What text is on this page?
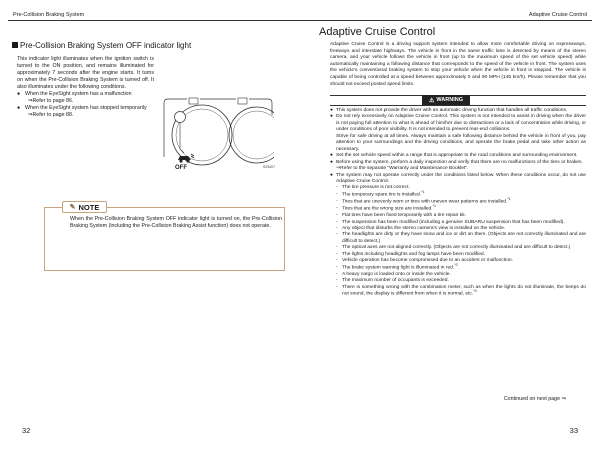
Pre-Collision Braking System
Pre-Collision Braking System OFF indicator light

This indicator light illuminates when the ignition switch is turned to the ON position, and remains illuminated for approximately 7 seconds after the engine starts. It turns on when the Pre-Collision Braking System is turned off. It also illuminates under the following conditions.

● When the EyeSight system has a malfunction
⇒Refer to page 86.
● When the EyeSight system has stopped temporarily
⇒Refer to page 88.
OFF	S03407
✎ NOTE
When the Pre-Collision Braking System OFF indicator light is turned on, the Pre-Collision Braking System (including the Pre-Collision Braking Assist function) does not operate.
32
Adaptive Cruise Control
Adaptive Cruise Control
Adaptive Cruise Control is a driving support system intended to allow more comfortable driving on expressways, freeways and interstate highways. The vehicle in front in the same traffic lane is detected by means of the stereo camera, and your vehicle follows the vehicle in front (up to the maximum speed of the set vehicle speed) while automatically maintaining a following distance that corresponds to the speed of the vehicle in front. The system uses the vehicle's conventional braking system to stop your vehicle when the vehicle in front is stopped. The vehicle is capable of being controlled at a speed between approximately 0 and 90 MPH (145 km/h). Please remember that you should not exceed posted speed limits.
⚠ WARNING
● This system does not provide the driver with an automatic driving function that handles all traffic conditions.
● Do not rely excessively on Adaptive Cruise Control. This system is not intended to assist in driving when the driver is not paying full attention to what is ahead of him/her due to distractions or a lack of concentration while driving, or under conditions of poor visibility. It is not intended to prevent rear-end collisions.
Strive for safe driving at all times. Always maintain a safe following distance behind the vehicle in front of you, pay attention to your surroundings and the driving conditions, and operate the brake pedal and take other action as necessary.
● Set the set vehicle speed within a range that is appropriate to the road conditions and surrounding environment.
● Before using the system, perform a daily inspection and verify that there are no malfunctions of the tires or brakes.
⇒Refer to the separate "Warranty and Maintenance Booklet".
● The system may not operate correctly under the conditions listed below. When these conditions occur, do not use Adaptive Cruise Control.
- The tire pressure is not correct.
- The temporary spare tire is installed.$^{*1}$
- Tires that are unevenly worn or tires with uneven wear patterns are installed.$^{*1}$
- Tires that are the wrong size are installed.$^{*1}$
- Flat tires have been fixed temporarily with a tire repair kit.
- The suspension has been modified (including a genuine SUBARU suspension that has been modified).
- Any object that disturbs the stereo camera's view is installed on the vehicle.
- The headlights are dirty or they have snow and ice or dirt on them. (Objects are not correctly illuminated and are difficult to detect.)
- The optical axes are not aligned correctly. (Objects are not correctly illuminated and are difficult to detect.)
- The lights including headlights and fog lamps have been modified.
- Vehicle operation has become compromised due to an accident or malfunction.
- The brake system warning light is illuminated in red.$^{*2}$
- A heavy cargo is loaded onto or inside the vehicle.
- The maximum number of occupants is exceeded.
- There is something wrong with the combination meter, such as when the lights do not illuminate, the beeps do not sound, the display is different from when it is normal, etc.$^{*3}$
Continued on next page ⇒
33
